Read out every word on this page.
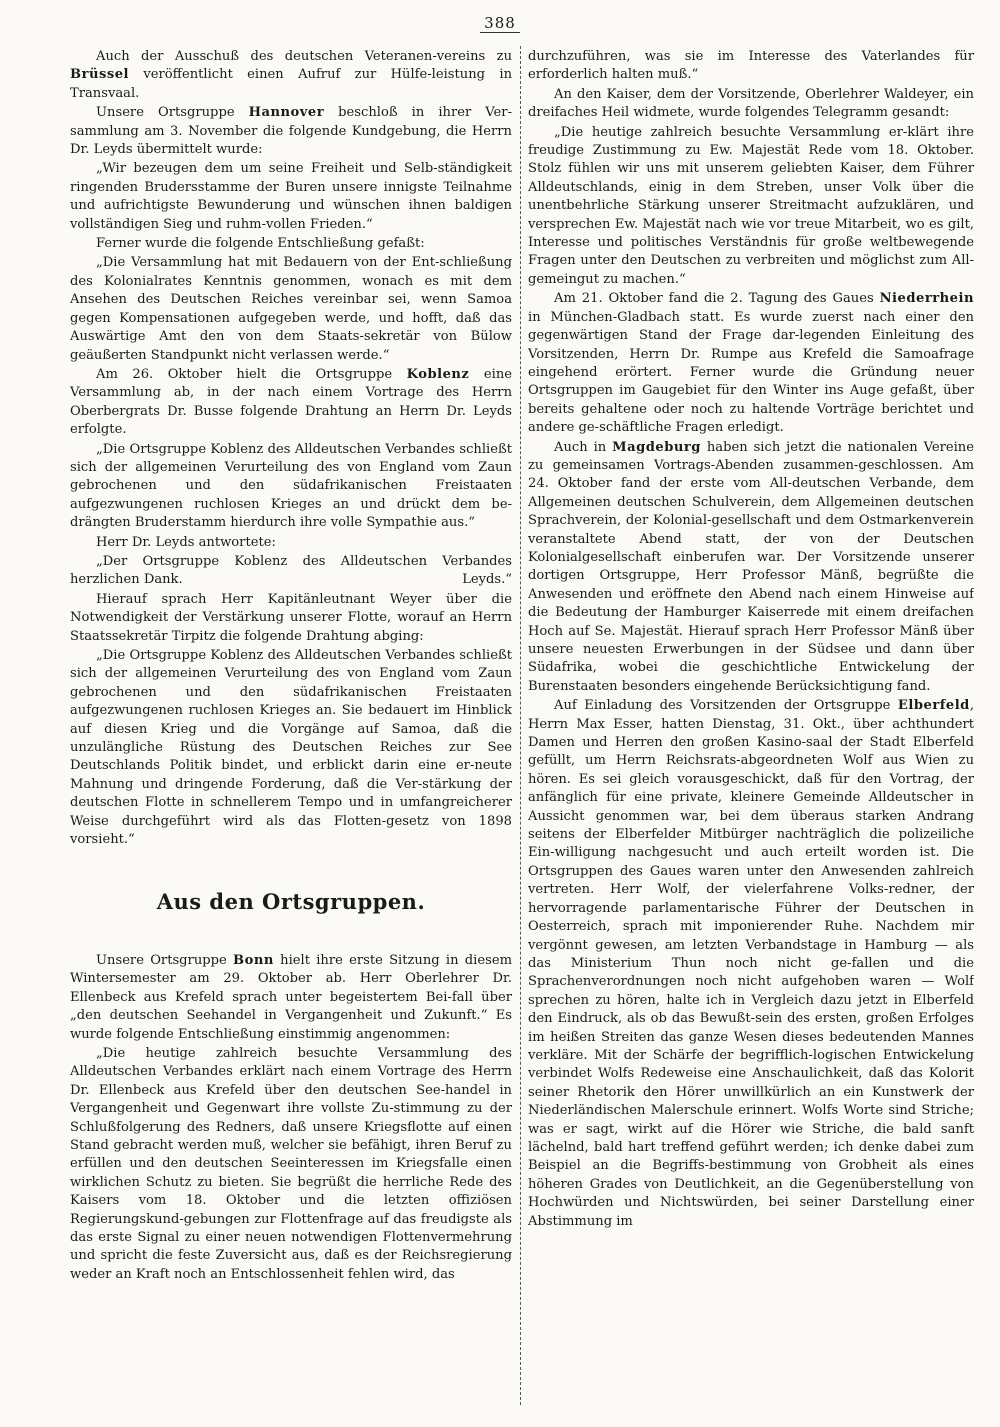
388

Auch der Ausschuß des deutschen Veteranen-vereins zu Brüssel veröffentlicht einen Aufruf zur Hülfe-leistung in Transvaal.

Unsere Ortsgruppe Hannover beschloß in ihrer Ver-sammlung am 3. November die folgende Kundgebung, die Herrn Dr. Leyds übermittelt wurde:

„Wir bezeugen dem um seine Freiheit und Selb-ständigkeit ringenden Brudersstamme der Buren unsere innigste Teilnahme und aufrichtigste Bewunderung und wünschen ihnen baldigen vollständigen Sieg und ruhm-vollen Frieden.“

Ferner wurde die folgende Entschließung gefaßt:

„Die Versammlung hat mit Bedauern von der Ent-schließung des Kolonialrates Kenntnis genommen, wonach es mit dem Ansehen des Deutschen Reiches vereinbar sei, wenn Samoa gegen Kompensationen aufgegeben werde, und hofft, daß das Auswärtige Amt den von dem Staats-sekretär von Bülow geäußerten Standpunkt nicht verlassen werde.“

Am 26. Oktober hielt die Ortsgruppe Koblenz eine Versammlung ab, in der nach einem Vortrage des Herrn Oberbergrats Dr. Busse folgende Drahtung an Herrn Dr. Leyds erfolgte.

„Die Ortsgruppe Koblenz des Alldeutschen Verbandes schließt sich der allgemeinen Verurteilung des von England vom Zaun gebrochenen und den südafrikanischen Freistaaten aufgezwungenen ruchlosen Krieges an und drückt dem be-drängten Bruderstamm hierdurch ihre volle Sympathie aus.“

Herr Dr. Leyds antwortete:

„Der Ortsgruppe Koblenz des Alldeutschen Verbandes herzlichen Dank.	Leyds.“

Hierauf sprach Herr Kapitänleutnant Weyer über die Notwendigkeit der Verstärkung unserer Flotte, worauf an Herrn Staatssekretär Tirpitz die folgende Drahtung abging:

„Die Ortsgruppe Koblenz des Alldeutschen Verbandes schließt sich der allgemeinen Verurteilung des von England vom Zaun gebrochenen und den südafrikanischen Freistaaten aufgezwungenen ruchlosen Krieges an. Sie bedauert im Hinblick auf diesen Krieg und die Vorgänge auf Samoa, daß die unzulängliche Rüstung des Deutschen Reiches zur See Deutschlands Politik bindet, und erblickt darin eine er-neute Mahnung und dringende Forderung, daß die Ver-stärkung der deutschen Flotte in schnellerem Tempo und in umfangreicherer Weise durchgeführt wird als das Flotten-gesetz von 1898 vorsieht.“

Aus den Ortsgruppen.

Unsere Ortsgruppe Bonn hielt ihre erste Sitzung in diesem Wintersemester am 29. Oktober ab. Herr Oberlehrer Dr. Ellenbeck aus Krefeld sprach unter begeistertem Bei-fall über „den deutschen Seehandel in Vergangenheit und Zukunft.“ Es wurde folgende Entschließung einstimmig angenommen:

„Die heutige zahlreich besuchte Versammlung des Alldeutschen Verbandes erklärt nach einem Vortrage des Herrn Dr. Ellenbeck aus Krefeld über den deutschen See-handel in Vergangenheit und Gegenwart ihre vollste Zu-stimmung zu der Schlußfolgerung des Redners, daß unsere Kriegsflotte auf einen Stand gebracht werden muß, welcher sie befähigt, ihren Beruf zu erfüllen und den deutschen Seeinteressen im Kriegsfalle einen wirklichen Schutz zu bieten. Sie begrüßt die herrliche Rede des Kaisers vom 18. Oktober und die letzten offiziösen Regierungskund-gebungen zur Flottenfrage auf das freudigste als das erste Signal zu einer neuen notwendigen Flottenvermehrung und spricht die feste Zuversicht aus, daß es der Reichsregierung weder an Kraft noch an Entschlossenheit fehlen wird, das

durchzuführen, was sie im Interesse des Vaterlandes für erforderlich halten muß.“

An den Kaiser, dem der Vorsitzende, Oberlehrer Waldeyer, ein dreifaches Heil widmete, wurde folgendes Telegramm gesandt:

„Die heutige zahlreich besuchte Versammlung er-klärt ihre freudige Zustimmung zu Ew. Majestät Rede vom 18. Oktober. Stolz fühlen wir uns mit unserem geliebten Kaiser, dem Führer Alldeutschlands, einig in dem Streben, unser Volk über die unentbehrliche Stärkung unserer Streitmacht aufzuklären, und versprechen Ew. Majestät nach wie vor treue Mitarbeit, wo es gilt, Interesse und politisches Verständnis für große weltbewegende Fragen unter den Deutschen zu verbreiten und möglichst zum All-gemeingut zu machen.“

Am 21. Oktober fand die 2. Tagung des Gaues Niederrhein in München-Gladbach statt. Es wurde zuerst nach einer den gegenwärtigen Stand der Frage dar-legenden Einleitung des Vorsitzenden, Herrn Dr. Rumpe aus Krefeld die Samoafrage eingehend erörtert. Ferner wurde die Gründung neuer Ortsgruppen im Gaugebiet für den Winter ins Auge gefaßt, über bereits gehaltene oder noch zu haltende Vorträge berichtet und andere ge-schäftliche Fragen erledigt.

Auch in Magdeburg haben sich jetzt die nationalen Vereine zu gemeinsamen Vortrags-Abenden zusammen-geschlossen. Am 24. Oktober fand der erste vom All-deutschen Verbande, dem Allgemeinen deutschen Schulverein, dem Allgemeinen deutschen Sprachverein, der Kolonial-gesellschaft und dem Ostmarkenverein veranstaltete Abend statt, der von der Deutschen Kolonialgesellschaft einberufen war. Der Vorsitzende unserer dortigen Ortsgruppe, Herr Professor Mänß, begrüßte die Anwesenden und eröffnete den Abend nach einem Hinweise auf die Bedeutung der Hamburger Kaiserrede mit einem dreifachen Hoch auf Se. Majestät. Hierauf sprach Herr Professor Mänß über unsere neuesten Erwerbungen in der Südsee und dann über Südafrika, wobei die geschichtliche Entwickelung der Burenstaaten besonders eingehende Berücksichtigung fand.

Auf Einladung des Vorsitzenden der Ortsgruppe Elberfeld, Herrn Max Esser, hatten Dienstag, 31. Okt., über achthundert Damen und Herren den großen Kasino-saal der Stadt Elberfeld gefüllt, um Herrn Reichsrats-abgeordneten Wolf aus Wien zu hören. Es sei gleich vorausgeschickt, daß für den Vortrag, der anfänglich für eine private, kleinere Gemeinde Alldeutscher in Aussicht genommen war, bei dem überaus starken Andrang seitens der Elberfelder Mitbürger nachträglich die polizeiliche Ein-willigung nachgesucht und auch erteilt worden ist. Die Ortsgruppen des Gaues waren unter den Anwesenden zahlreich vertreten. Herr Wolf, der vielerfahrene Volks-redner, der hervorragende parlamentarische Führer der Deutschen in Oesterreich, sprach mit imponierender Ruhe. Nachdem mir vergönnt gewesen, am letzten Verbandstage in Hamburg — als das Ministerium Thun noch nicht ge-fallen und die Sprachenverordnungen noch nicht aufgehoben waren — Wolf sprechen zu hören, halte ich in Vergleich dazu jetzt in Elberfeld den Eindruck, als ob das Bewußt-sein des ersten, großen Erfolges im heißen Streiten das ganze Wesen dieses bedeutenden Mannes verkläre. Mit der Schärfe der begrifflich-logischen Entwickelung verbindet Wolfs Redeweise eine Anschaulichkeit, daß das Kolorit seiner Rhetorik den Hörer unwillkürlich an ein Kunstwerk der Niederländischen Malerschule erinnert. Wolfs Worte sind Striche; was er sagt, wirkt auf die Hörer wie Striche, die bald sanft lächelnd, bald hart treffend geführt werden; ich denke dabei zum Beispiel an die Begriffs-bestimmung von Grobheit als eines höheren Grades von Deutlichkeit, an die Gegenüberstellung von Hochwürden und Nichtswürden, bei seiner Darstellung einer Abstimmung im
